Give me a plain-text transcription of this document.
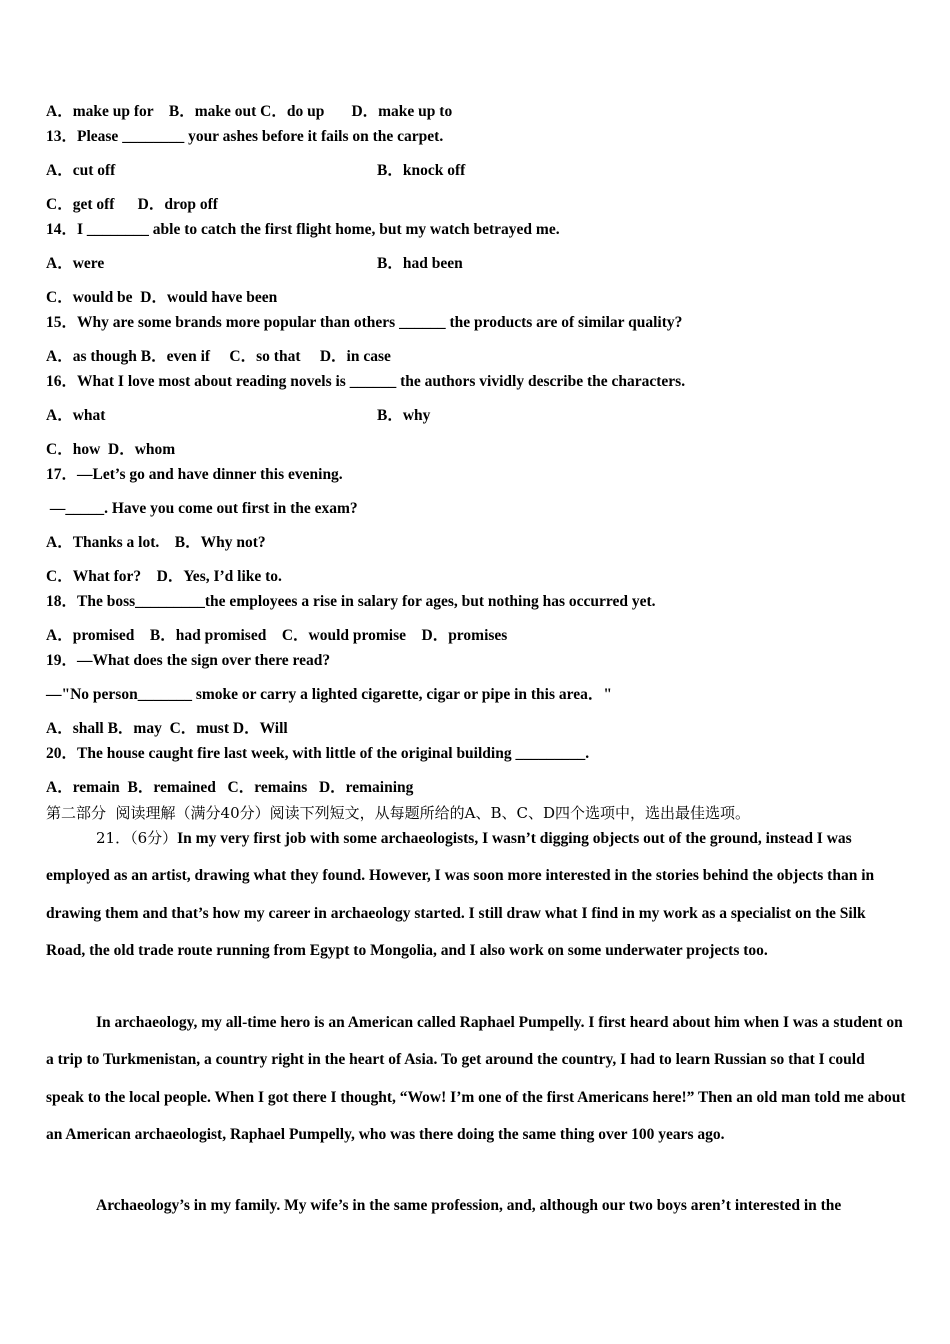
A．make up for    B．make out C．do up       D．make up to
13．Please ________ your ashes before it fails on the carpet.
A．cut off	B．knock off
C．get off      D．drop off
14．I ________ able to catch the first flight home, but my watch betrayed me.
A．were	B．had been
C．would be  D．would have been
15．Why are some brands more popular than others ______ the products are of similar quality?
A．as though B．even if     C．so that     D．in case
16．What I love most about reading novels is ______ the authors vividly describe the characters.
A．what	B．why
C．how  D．whom
17．—Let’s go and have dinner this evening.
—_____. Have you come out first in the exam?
A．Thanks a lot.    B．Why not?
C．What for?    D．Yes, I’d like to.
18．The boss_________the employees a rise in salary for ages, but nothing has occurred yet.
A．promised    B．had promised    C．would promise    D．promises
19．—What does the sign over there read?
—"No person_______ smoke or carry a lighted cigarette, cigar or pipe in this area．"
A．shall B．may  C．must D．Will
20．The house caught fire last week, with little of the original building _________.
A．remain  B．remained   C．remains   D．remaining
第二部分  阅读理解（满分40分）阅读下列短文，从每题所给的A、B、C、D四个选项中，选出最佳选项。
21．（6分）In my very first job with some archaeologists, I wasn’t digging objects out of the ground, instead I was employed as an artist, drawing what they found. However, I was soon more interested in the stories behind the objects than in drawing them and that’s how my career in archaeology started. I still draw what I find in my work as a specialist on the Silk Road, the old trade route running from Egypt to Mongolia, and I also work on some underwater projects too.
In archaeology, my all-time hero is an American called Raphael Pumpelly. I first heard about him when I was a student on a trip to Turkmenistan, a country right in the heart of Asia. To get around the country, I had to learn Russian so that I could speak to the local people. When I got there I thought, “Wow! I’m one of the first Americans here!” Then an old man told me about an American archaeologist, Raphael Pumpelly, who was there doing the same thing over 100 years ago.
Archaeology’s in my family. My wife’s in the same profession, and, although our two boys aren’t interested in the
